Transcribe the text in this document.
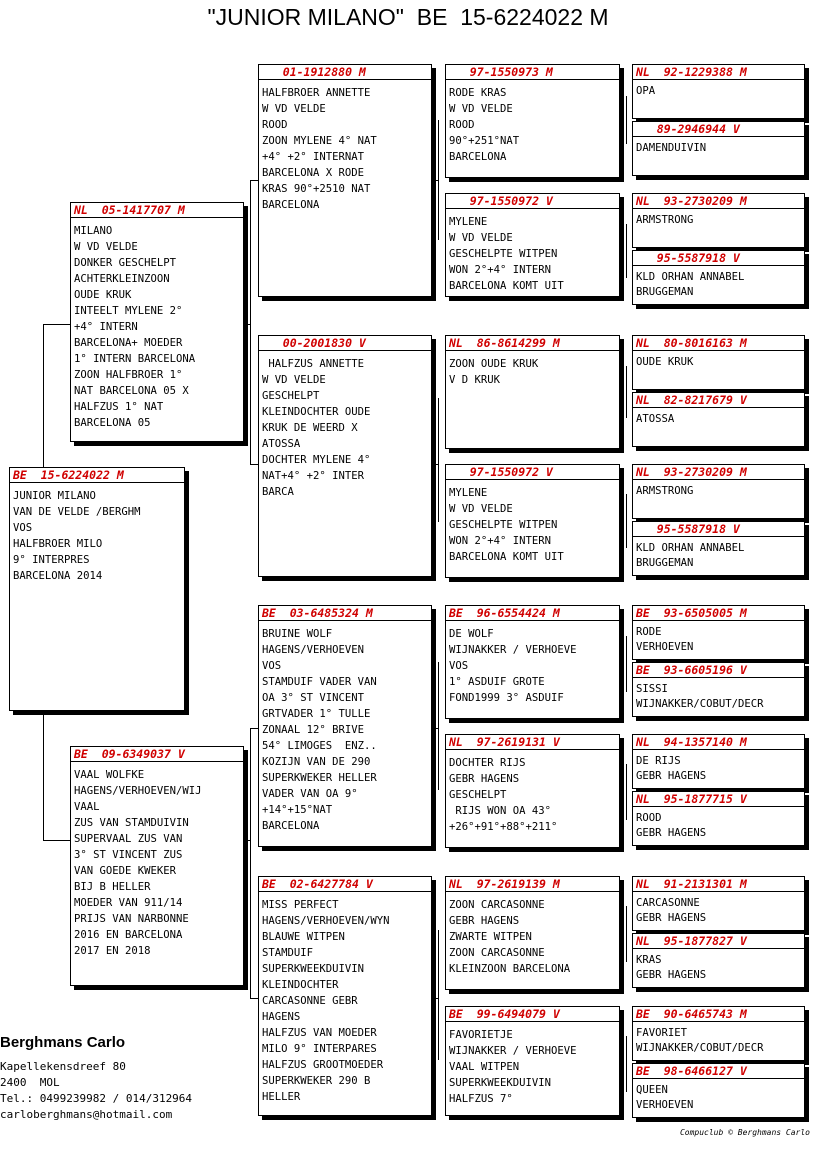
"JUNIOR MILANO"  BE  15-6224022 M
BE  15-6224022 M
JUNIOR MILANO
VAN DE VELDE /BERGHM
VOS
HALFBROER MILO
9° INTERPRES
BARCELONA 2014
NL  05-1417707 M
MILANO
W VD VELDE
DONKER GESCHELPT
ACHTERKLEINZOON
OUDE KRUK
INTEELT MYLENE 2°
+4° INTERN
BARCELONA+ MOEDER
1° INTERN BARCELONA
ZOON HALFBROER 1°
NAT BARCELONA 05 X
HALFZUS 1° NAT
BARCELONA 05
BE  09-6349037 V
VAAL WOLFKE
HAGENS/VERHOEVEN/WIJ
VAAL
ZUS VAN STAMDUIVIN
SUPERVAAL ZUS VAN
3° ST VINCENT ZUS
VAN GOEDE KWEKER
BIJ B HELLER
MOEDER VAN 911/14
PRIJS VAN NARBONNE
2016 EN BARCELONA
2017 EN 2018
01-1912880 M
HALFBROER ANNETTE
W VD VELDE
ROOD
ZOON MYLENE 4° NAT
+4° +2° INTERNAT
BARCELONA X RODE
KRAS 90°+2510 NAT
BARCELONA
00-2001830 V
HALFZUS ANNETTE
W VD VELDE
GESCHELPT
KLEINDOCHTER OUDE
KRUK DE WEERD X
ATOSSA
DOCHTER MYLENE 4°
NAT+4° +2° INTER
BARCA
BE  03-6485324 M
BRUINE WOLF
HAGENS/VERHOEVEN
VOS
STAMDUIF VADER VAN
OA 3° ST VINCENT
GRTVADER 1° TULLE
ZONAAL 12° BRIVE
54° LIMOGES  ENZ..
KOZIJN VAN DE 290
SUPERKWEKER HELLER
VADER VAN OA 9°
+14°+15°NAT
BARCELONA
BE  02-6427784 V
MISS PERFECT
HAGENS/VERHOEVEN/WYN
BLAUWE WITPEN
STAMDUIF
SUPERKWEEKDUIVIN
KLEINDOCHTER
CARCASONNE GEBR
HAGENS
HALFZUS VAN MOEDER
MILO 9° INTERPARES
HALFZUS GROOTMOEDER
SUPERKWEKER 290 B
HELLER
97-1550973 M
RODE KRAS
W VD VELDE
ROOD
90°+251°NAT
BARCELONA
97-1550972 V
MYLENE
W VD VELDE
GESCHELPTE WITPEN
WON 2°+4° INTERN
BARCELONA KOMT UIT
NL  86-8614299 M
ZOON OUDE KRUK
V D KRUK
97-1550972 V
MYLENE
W VD VELDE
GESCHELPTE WITPEN
WON 2°+4° INTERN
BARCELONA KOMT UIT
BE  96-6554424 M
DE WOLF
WIJNAKKER / VERHOEVE
VOS
1° ASDUIF GROTE
FOND1999 3° ASDUIF
NL  97-2619131 V
DOCHTER RIJS
GEBR HAGENS
GESCHELPT
RIJS WON OA 43°
+26°+91°+88°+211°
NL  97-2619139 M
ZOON CARCASONNE
GEBR HAGENS
ZWARTE WITPEN
ZOON CARCASONNE
KLEINZOON BARCELONA
BE  99-6494079 V
FAVORIETJE
WIJNAKKER / VERHOEVE
VAAL WITPEN
SUPERKWEEKDUIVIN
HALFZUS 7°
NL  92-1229388 M
OPA
89-2946944 V
DAMENDUIVIN
NL  93-2730209 M
ARMSTRONG
95-5587918 V
KLD ORHAN ANNABEL
BRUGGEMAN
NL  80-8016163 M
OUDE KRUK
NL  82-8217679 V
ATOSSA
NL  93-2730209 M
ARMSTRONG
95-5587918 V
KLD ORHAN ANNABEL
BRUGGEMAN
BE  93-6505005 M
RODE
VERHOEVEN
BE  93-6605196 V
SISSI
WIJNAKKER/COBUT/DECR
NL  94-1357140 M
DE RIJS
GEBR HAGENS
NL  95-1877715 V
ROOD
GEBR HAGENS
NL  91-2131301 M
CARCASONNE
GEBR HAGENS
NL  95-1877827 V
KRAS
GEBR HAGENS
BE  90-6465743 M
FAVORIET
WIJNAKKER/COBUT/DECR
BE  98-6466127 V
QUEEN
VERHOEVEN
Berghmans Carlo
Kapellekensdreef 80
2400  MOL
Tel.: 0499239982 / 014/312964
carloberghmans@hotmail.com
Compuclub © Berghmans Carlo
